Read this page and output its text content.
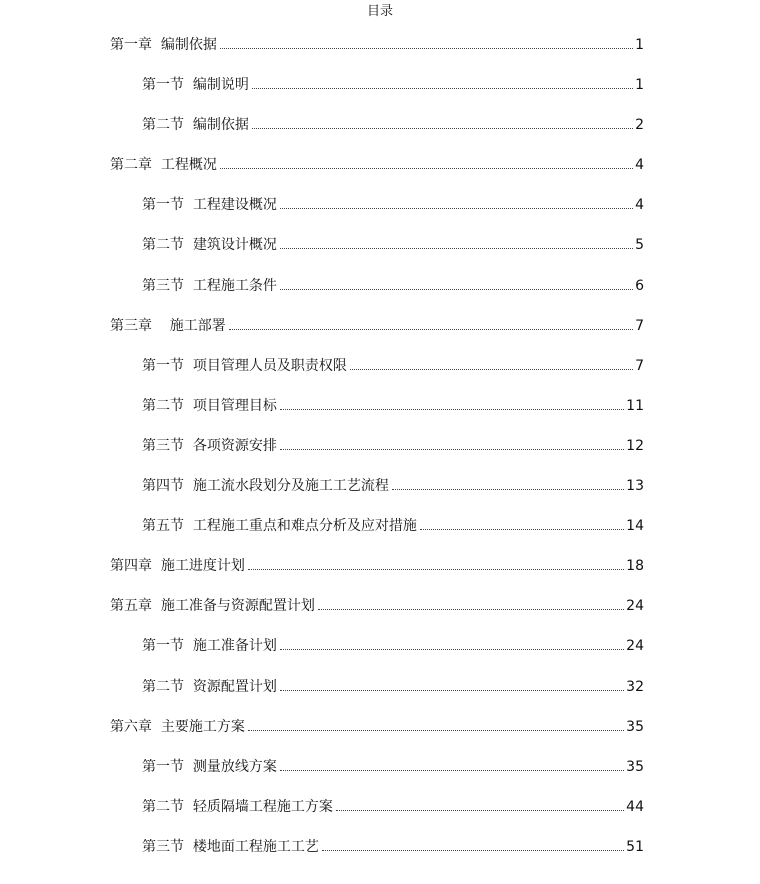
目录
第一章  编制依据	1
第一节  编制说明	1
第二节  编制依据	2
第二章  工程概况	4
第一节  工程建设概况	4
第二节  建筑设计概况	5
第三节  工程施工条件	6
第三章    施工部署	7
第一节  项目管理人员及职责权限	7
第二节  项目管理目标	11
第三节  各项资源安排	12
第四节  施工流水段划分及施工工艺流程	13
第五节  工程施工重点和难点分析及应对措施	14
第四章  施工进度计划	18
第五章  施工准备与资源配置计划	24
第一节  施工准备计划	24
第二节  资源配置计划	32
第六章  主要施工方案	35
第一节  测量放线方案	35
第二节  轻质隔墙工程施工方案	44
第三节  楼地面工程施工工艺	51
